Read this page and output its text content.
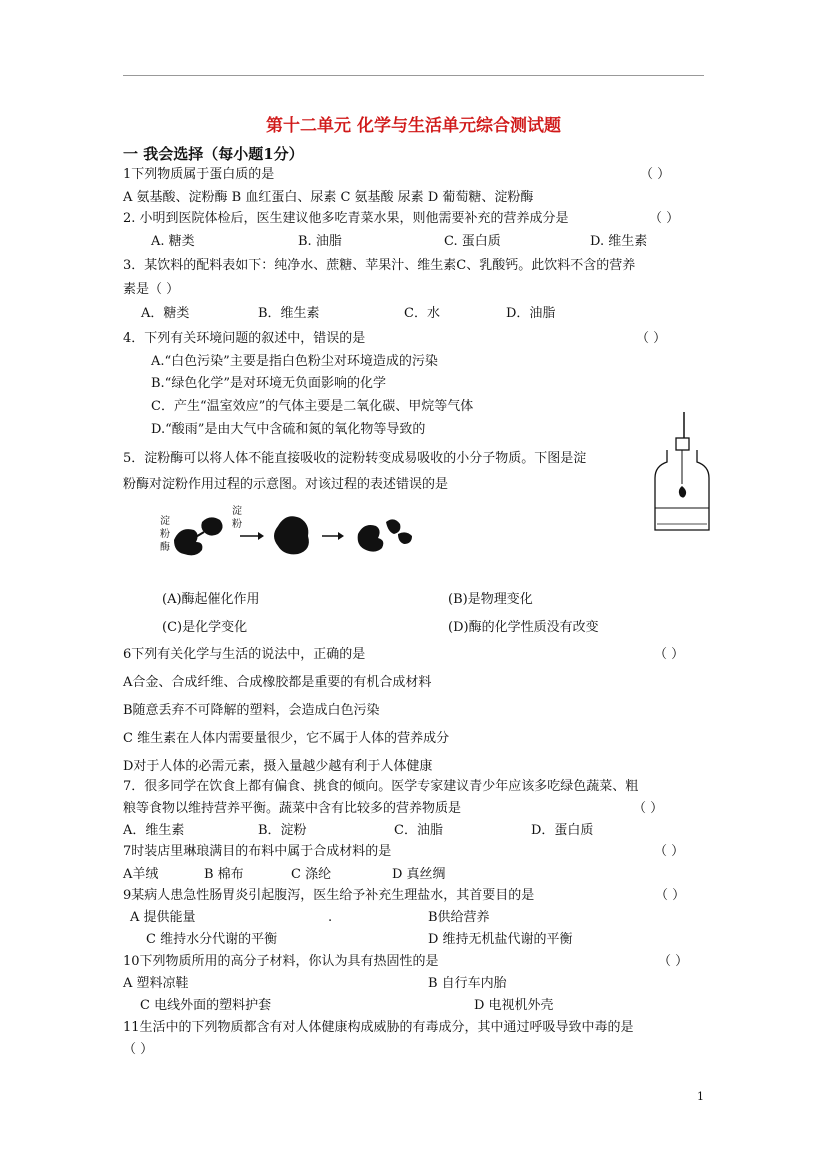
第十二单元 化学与生活单元综合测试题
一 我会选择（每小题1分）
1下列物质属于蛋白质的是	（ ）
A 氨基酸、淀粉酶 B 血红蛋白、尿素 C 氨基酸 尿素 D 葡萄糖、淀粉酶
2. 小明到医院体检后，医生建议他多吃青菜水果，则他需要补充的营养成分是	（ ）
A. 糖类	B. 油脂	C. 蛋白质	D. 维生素
3．某饮料的配料表如下：纯净水、蔗糖、苹果汁、维生素C、乳酸钙。此饮料不含的营养
素是（ ）
A．糖类	B．维生素	C．水	D．油脂
4．下列有关环境问题的叙述中，错误的是	（ ）
A.“白色污染”主要是指白色粉尘对环境造成的污染
B.“绿色化学”是对环境无负面影响的化学
C．产生“温室效应”的气体主要是二氧化碳、甲烷等气体
D.“酸雨”是由大气中含硫和氮的氧化物等导致的
5．淀粉酶可以将人体不能直接吸收的淀粉转变成易吸收的小分子物质。下图是淀
粉酶对淀粉作用过程的示意图。对该过程的表述错误的是
淀
粉
酶
淀
粉
(A)酶起催化作用	(B)是物理变化
(C)是化学变化	(D)酶的化学性质没有改变
6下列有关化学与生活的说法中，正确的是	（ ）
A合金、合成纤维、合成橡胶都是重要的有机合成材料
B随意丢弃不可降解的塑料，会造成白色污染
C 维生素在人体内需要量很少，它不属于人体的营养成分
D对于人体的必需元素，摄入量越少越有利于人体健康
7．很多同学在饮食上都有偏食、挑食的倾向。医学专家建议青少年应该多吃绿色蔬菜、粗
粮等食物以维持营养平衡。蔬菜中含有比较多的营养物质是	（ ）
A．维生素	B．淀粉	C．油脂	D．蛋白质
7时装店里琳琅满目的布料中属于合成材料的是	（ ）
A羊绒	B 棉布	C 涤纶	D 真丝绸
9某病人患急性肠胃炎引起腹泻，医生给予补充生理盐水，其首要目的是	（ ）
A 提供能量	.	B供给营养
C 维持水分代谢的平衡	D 维持无机盐代谢的平衡
10下列物质所用的高分子材料，你认为具有热固性的是	（ ）
A 塑料凉鞋	B 自行车内胎
C 电线外面的塑料护套	D 电视机外壳
11生活中的下列物质都含有对人体健康构成威胁的有毒成分，其中通过呼吸导致中毒的是
（ ）
1
